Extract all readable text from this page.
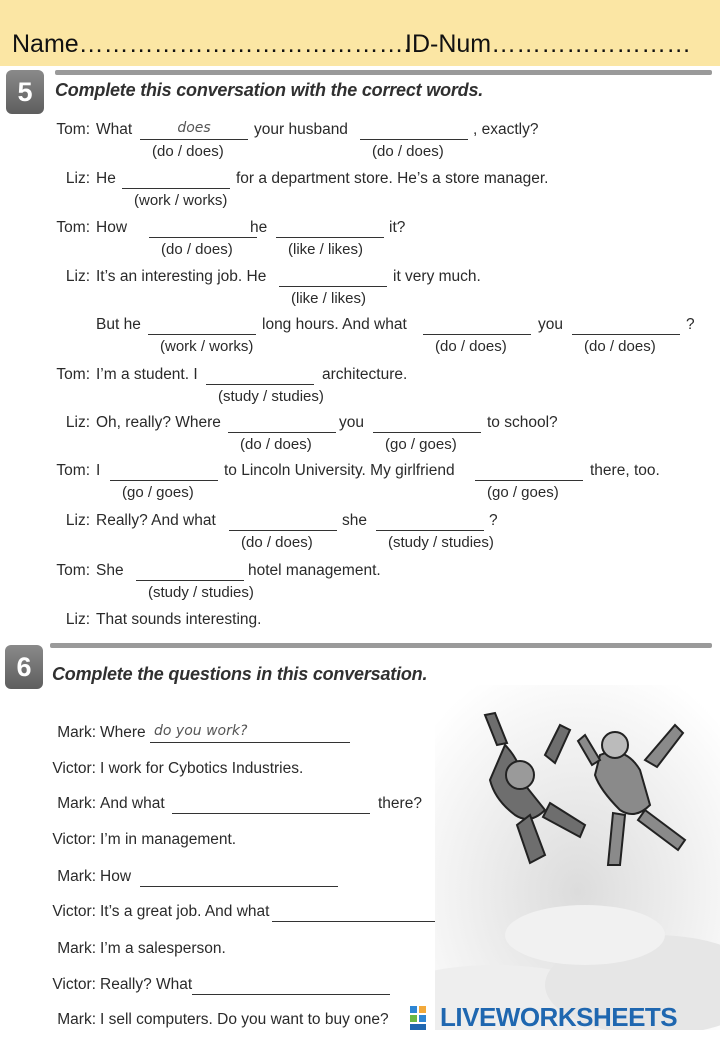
Name………………………………….
ID-Num……………………
5	Complete this conversation with the correct words.
Tom: What	does
(do / does)
your husband
(do / does)
, exactly?
Liz: He
(work / works)
for a department store. He’s a store manager.
Tom: How
(do / does)
he
(like / likes)
it?
Liz: It’s an interesting job. He
(like / likes)
it very much.
But he
(work / works)
long hours. And what
(do / does)
you
(do / does)
?
Tom: I’m a student. I
(study / studies)
architecture.
Liz: Oh, really? Where
(do / does)
you
(go / goes)
to school?
Tom: I
(go / goes)
to Lincoln University. My girlfriend
(go / goes)
there, too.
Liz: Really? And what
(do / does)
she
(study / studies)
?
Tom: She
(study / studies)
hotel management.
Liz: That sounds interesting.
6	Complete the questions in this conversation.
Mark: Where do you work?
Victor: I work for Cybotics Industries.
Mark: And what	there?
Victor: I’m in management.
Mark: How
Victor: It’s a great job. And what
Mark: I’m a salesperson.
Victor: Really? What
Mark: I sell computers. Do you want to buy one? LIVEWORKSHEETS
